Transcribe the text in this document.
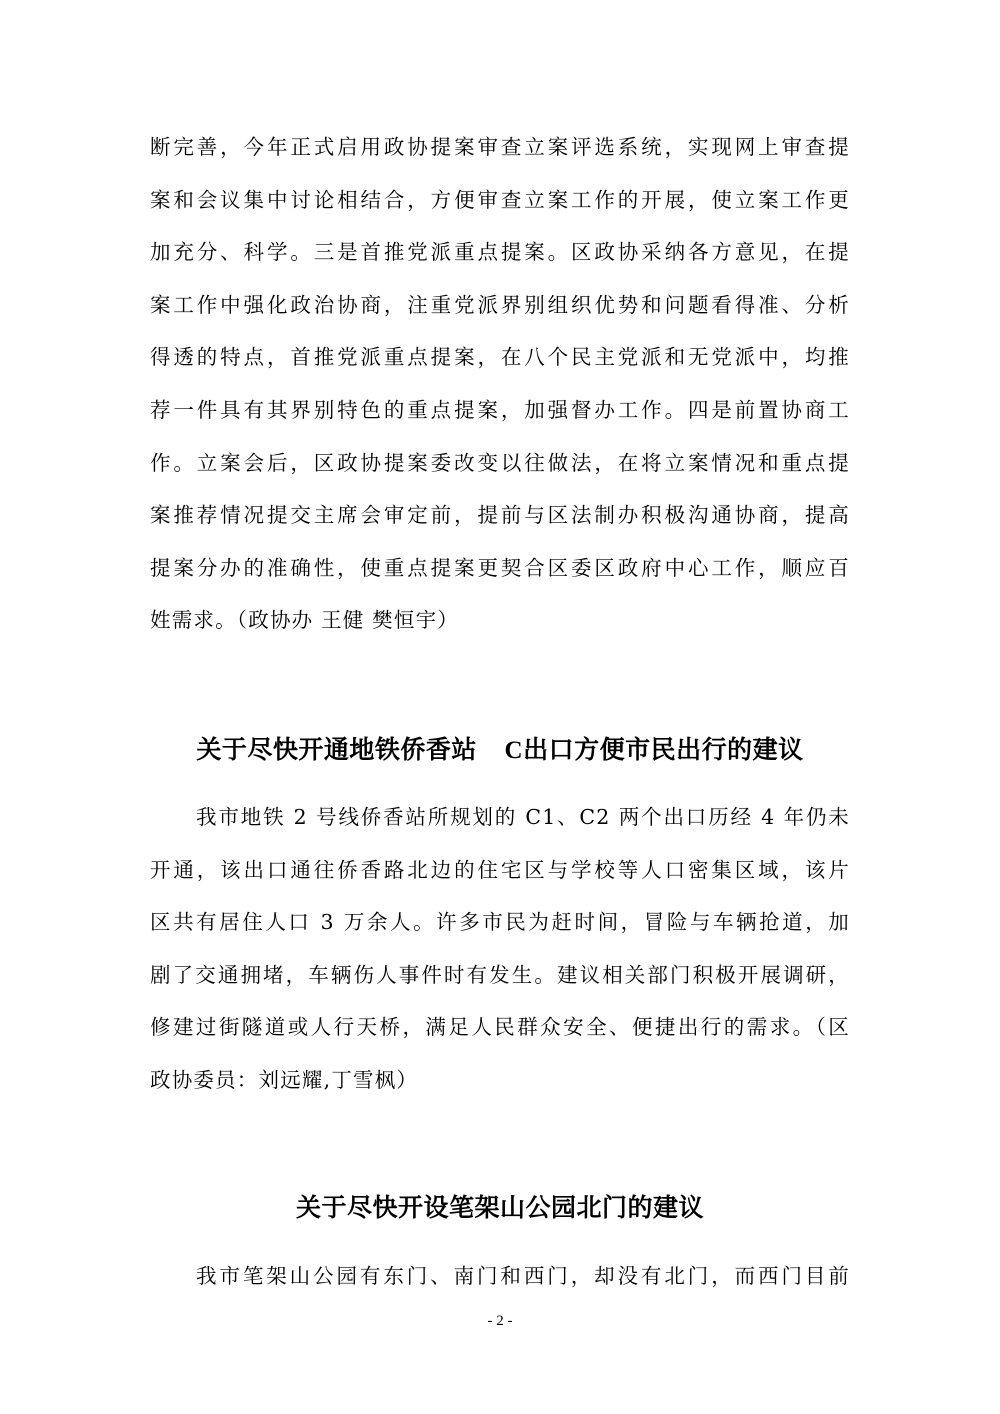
断完善，今年正式启用政协提案审查立案评选系统，实现网上审查提
案和会议集中讨论相结合，方便审查立案工作的开展，使立案工作更
加充分、科学。三是首推党派重点提案。区政协采纳各方意见，在提
案工作中强化政治协商，注重党派界别组织优势和问题看得准、分析
得透的特点，首推党派重点提案，在八个民主党派和无党派中，均推
荐一件具有其界别特色的重点提案，加强督办工作。四是前置协商工
作。立案会后，区政协提案委改变以往做法，在将立案情况和重点提
案推荐情况提交主席会审定前，提前与区法制办积极沟通协商，提高
提案分办的准确性，使重点提案更契合区委区政府中心工作，顺应百
姓需求。（政协办 王健 樊恒宇）
关于尽快开通地铁侨香站 C出口方便市民出行的建议
我市地铁 2 号线侨香站所规划的 C1、C2 两个出口历经 4 年仍未
开通，该出口通往侨香路北边的住宅区与学校等人口密集区域，该片
区共有居住人口 3 万余人。许多市民为赶时间，冒险与车辆抢道，加
剧了交通拥堵，车辆伤人事件时有发生。建议相关部门积极开展调研，
修建过街隧道或人行天桥，满足人民群众安全、便捷出行的需求。（区
政协委员：刘远耀,丁雪枫）
关于尽快开设笔架山公园北门的建议
我市笔架山公园有东门、南门和西门，却没有北门，而西门目前
- 2 -
